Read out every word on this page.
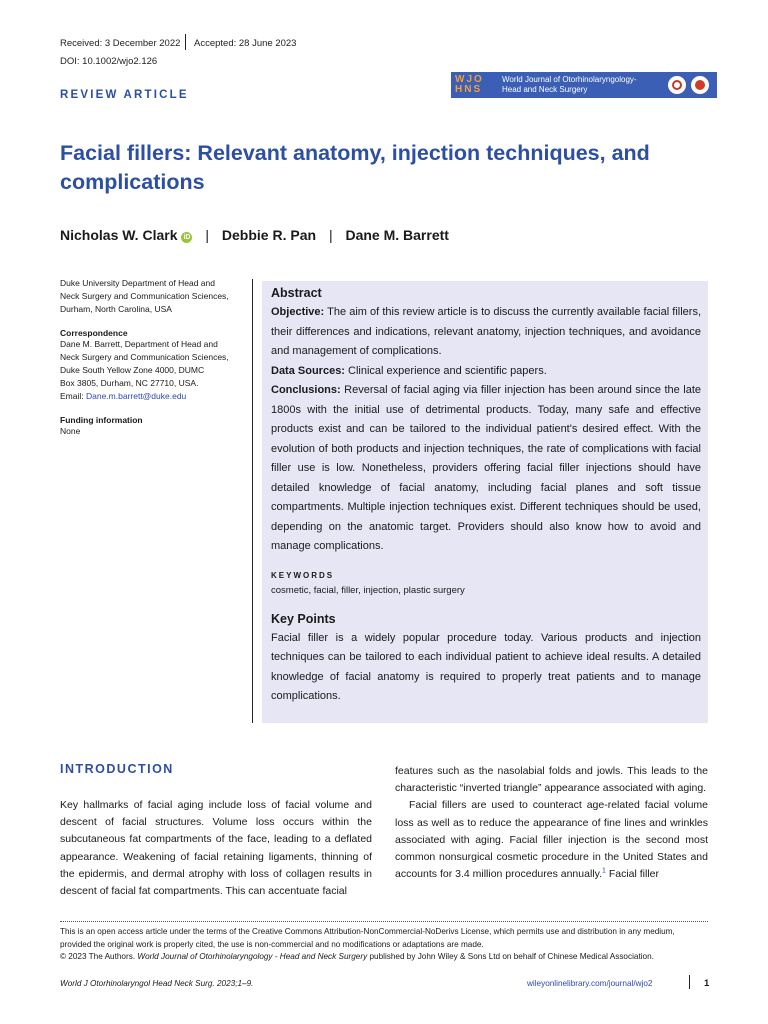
Received: 3 December 2022 Accepted: 28 June 2023
DOI: 10.1002/wjo2.126
WJO HNS
World Journal of Otorhinolaryngology-
Head and Neck Surgery
REVIEW ARTICLE
Facial fillers: Relevant anatomy, injection techniques, and complications
Nicholas W. Clark iD | Debbie R. Pan | Dane M. Barrett
Duke University Department of Head and
Neck Surgery and Communication Sciences,
Durham, North Carolina, USA
Correspondence
Dane M. Barrett, Department of Head and
Neck Surgery and Communication Sciences,
Duke South Yellow Zone 4000, DUMC
Box 3805, Durham, NC 27710, USA.
Email: Dane.m.barrett@duke.edu
Funding information
None
Abstract

Objective: The aim of this review article is to discuss the currently available facial fillers, their differences and indications, relevant anatomy, injection techniques, and avoidance and management of complications.

Data Sources: Clinical experience and scientific papers.

Conclusions: Reversal of facial aging via filler injection has been around since the late 1800s with the initial use of detrimental products. Today, many safe and effective products exist and can be tailored to the individual patient's desired effect. With the evolution of both products and injection techniques, the rate of complications with facial filler use is low. Nonetheless, providers offering facial filler injections should have detailed knowledge of facial anatomy, including facial planes and soft tissue compartments. Multiple injection techniques exist. Different techniques should be used, depending on the anatomic target. Providers should also know how to avoid and manage complications.

KEYWORDS
cosmetic, facial, filler, injection, plastic surgery
Key Points

Facial filler is a widely popular procedure today. Various products and injection techniques can be tailored to each individual patient to achieve ideal results. A detailed knowledge of facial anatomy is required to properly treat patients and to manage complications.

INTRODUCTION
Key hallmarks of facial aging include loss of facial volume and descent of facial structures. Volume loss occurs within the subcutaneous fat compartments of the face, leading to a deflated appearance. Weakening of facial retaining ligaments, thinning of the epidermis, and dermal atrophy with loss of collagen results in descent of facial fat compartments. This can accentuate facial
features such as the nasolabial folds and jowls. This leads to the characteristic “inverted triangle” appearance associated with aging.
Facial fillers are used to counteract age-related facial volume loss as well as to reduce the appearance of fine lines and wrinkles associated with aging. Facial filler injection is the second most common nonsurgical cosmetic procedure in the United States and accounts for 3.4 million procedures annually.$^1$ Facial filler
This is an open access article under the terms of the Creative Commons Attribution-NonCommercial-NoDerivs License, which permits use and distribution in any medium, provided the original work is properly cited, the use is non-commercial and no modifications or adaptations are made.
© 2023 The Authors. World Journal of Otorhinolaryngology - Head and Neck Surgery published by John Wiley & Sons Ltd on behalf of Chinese Medical Association.
World J Otorhinolaryngol Head Neck Surg. 2023;1–9.	wileyonlinelibrary.com/journal/wjo2	1
